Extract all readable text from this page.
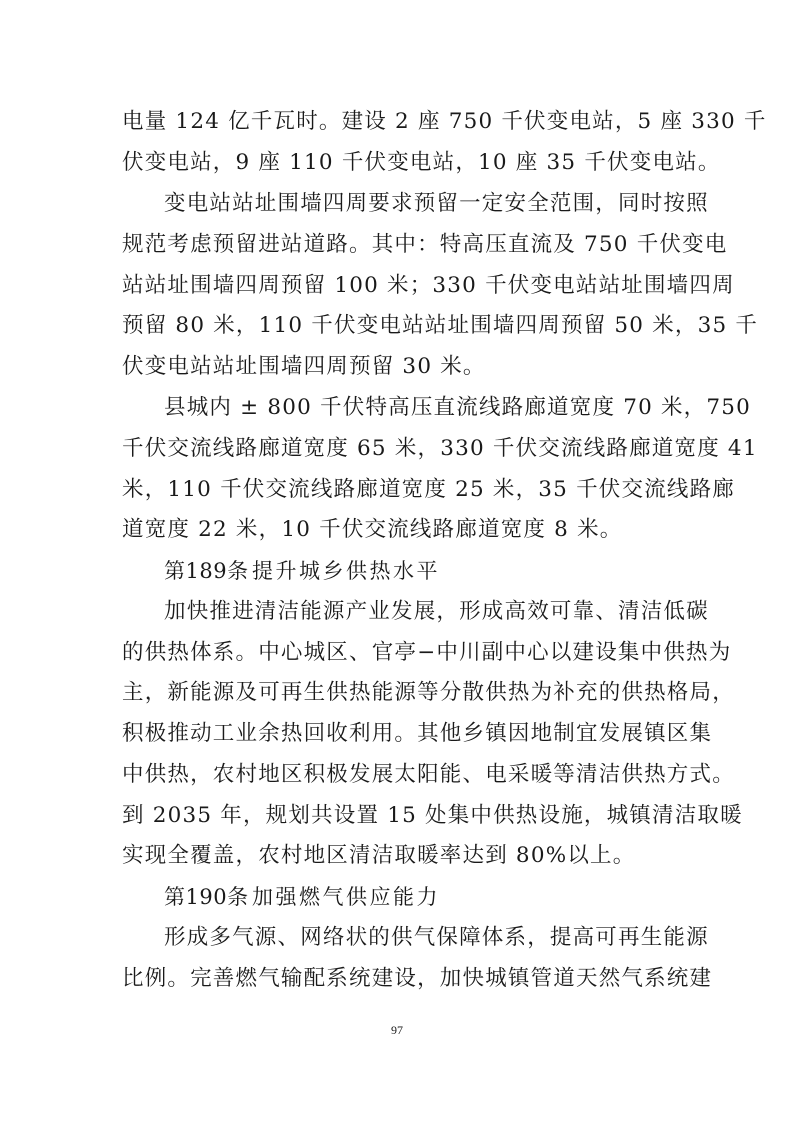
电量 124 亿千瓦时。建设 2 座 750 千伏变电站，5 座 330 千
伏变电站，9 座 110 千伏变电站，10 座 35 千伏变电站。
变电站站址围墙四周要求预留一定安全范围，同时按照
规范考虑预留进站道路。其中：特高压直流及 750 千伏变电
站站址围墙四周预留 100 米；330 千伏变电站站址围墙四周
预留 80 米，110 千伏变电站站址围墙四周预留 50 米，35 千
伏变电站站址围墙四周预留 30 米。
县城内 ± 800 千伏特高压直流线路廊道宽度 70 米，750
千伏交流线路廊道宽度 65 米，330 千伏交流线路廊道宽度 41
米，110 千伏交流线路廊道宽度 25 米，35 千伏交流线路廊
道宽度 22 米，10 千伏交流线路廊道宽度 8 米。
第189条 提升城乡供热水平
加快推进清洁能源产业发展，形成高效可靠、清洁低碳
的供热体系。中心城区、官亭−中川副中心以建设集中供热为
主，新能源及可再生供热能源等分散供热为补充的供热格局，
积极推动工业余热回收利用。其他乡镇因地制宜发展镇区集
中供热，农村地区积极发展太阳能、电采暖等清洁供热方式。
到 2035 年，规划共设置 15 处集中供热设施，城镇清洁取暖
实现全覆盖，农村地区清洁取暖率达到 80%以上。
第190条 加强燃气供应能力
形成多气源、网络状的供气保障体系，提高可再生能源
比例。完善燃气输配系统建设，加快城镇管道天然气系统建
97
